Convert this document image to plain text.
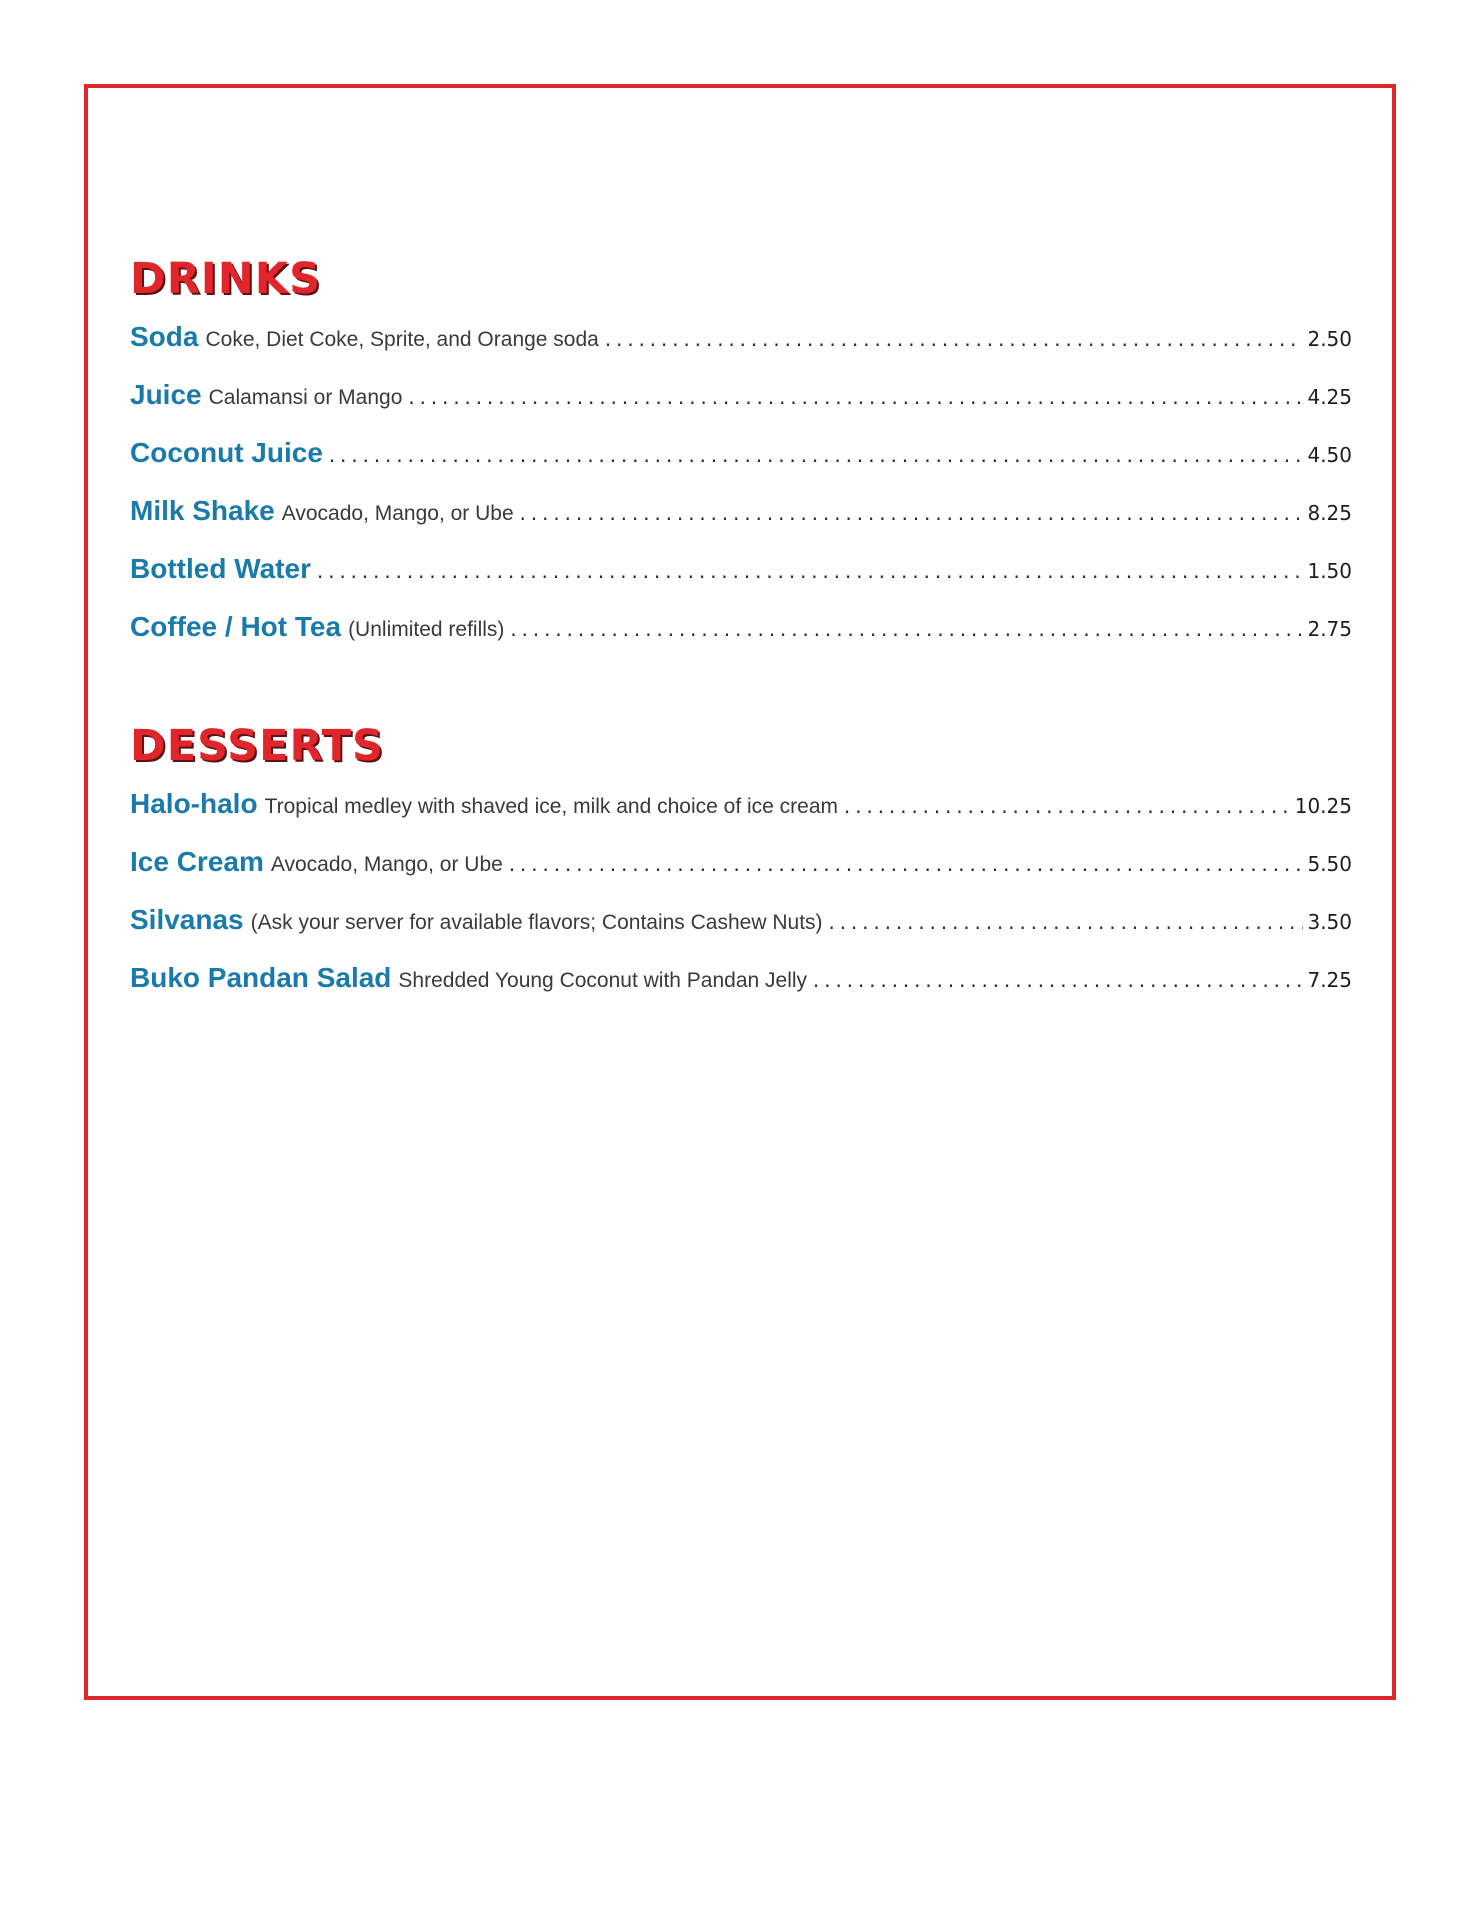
DRINKS
Soda Coke, Diet Coke, Sprite, and Orange soda .....	2.50
Juice Calamansi or Mango .....	4.25
Coconut Juice .....	4.50
Milk Shake Avocado, Mango, or Ube .....	8.25
Bottled Water .....	1.50
Coffee / Hot Tea (Unlimited refills) .....	2.75
DESSERTS
Halo-halo Tropical medley with shaved ice, milk and choice of ice cream .....	10.25
Ice Cream Avocado, Mango, or Ube .....	5.50
Silvanas (Ask your server for available flavors; Contains Cashew Nuts) .....	3.50
Buko Pandan Salad Shredded Young Coconut with Pandan Jelly .....	7.25
